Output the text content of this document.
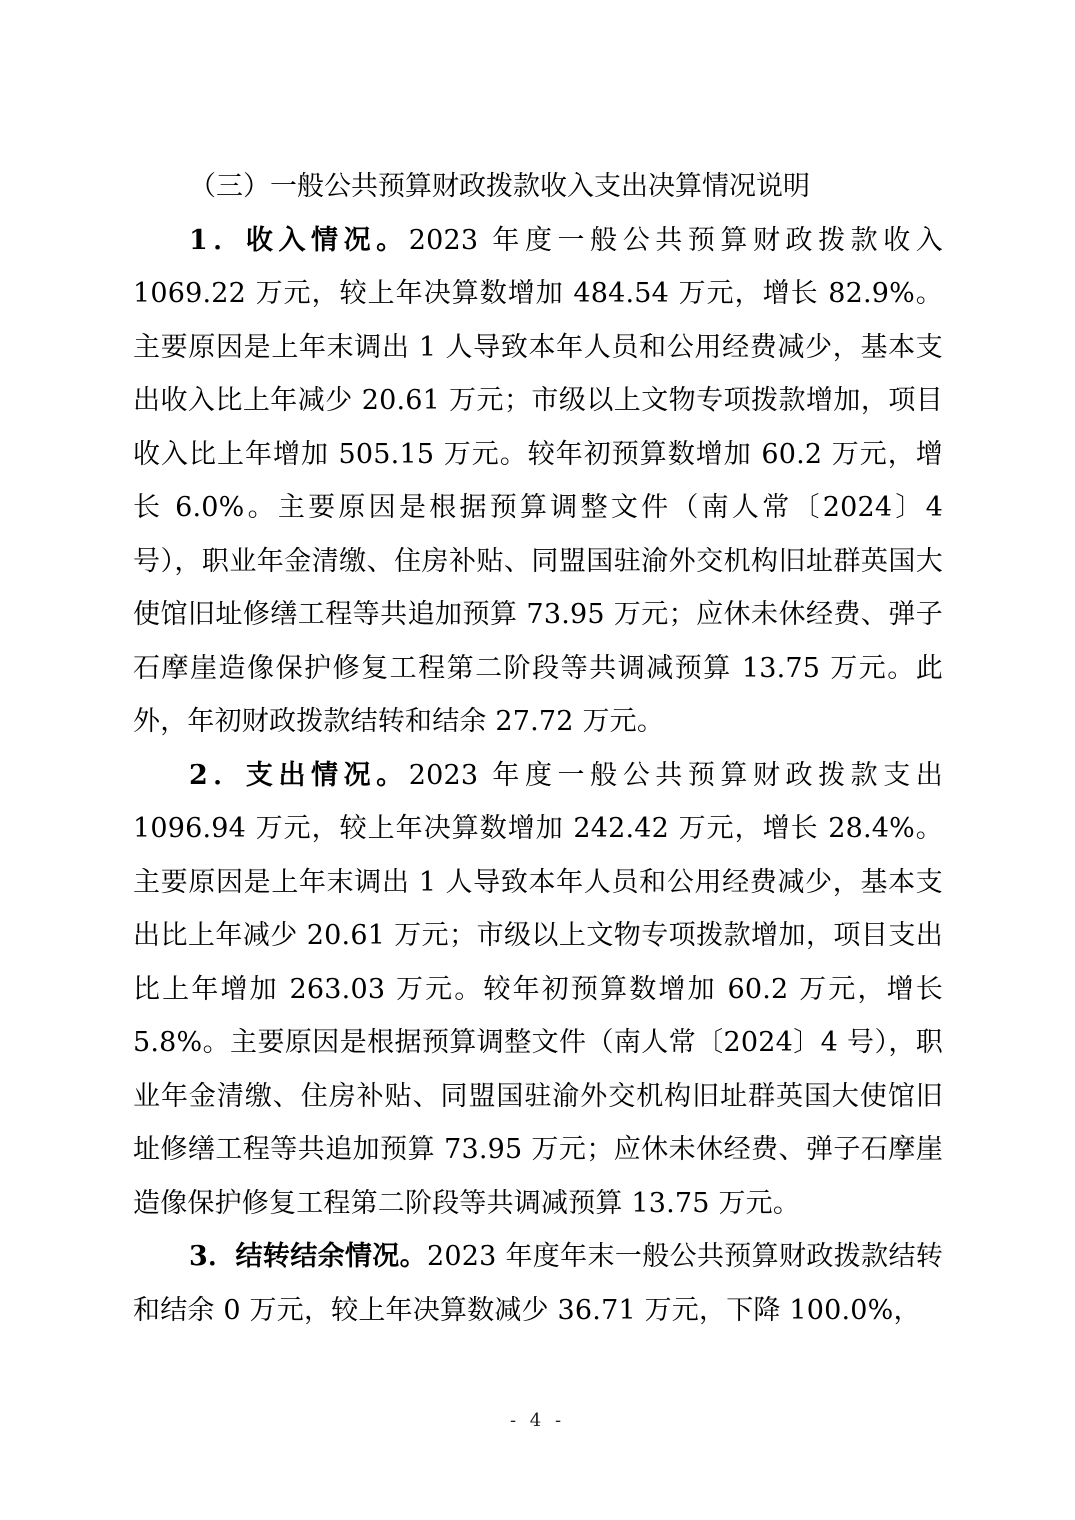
（三）一般公共预算财政拨款收入支出决算情况说明

1．收入情况。2023 年度一般公共预算财政拨款收入 1069.22 万元，较上年决算数增加 484.54 万元，增长 82.9%。主要原因是上年末调出 1 人导致本年人员和公用经费减少，基本支出收入比上年减少 20.61 万元；市级以上文物专项拨款增加，项目收入比上年增加 505.15 万元。较年初预算数增加 60.2 万元，增长 6.0%。主要原因是根据预算调整文件（南人常〔2024〕4 号），职业年金清缴、住房补贴、同盟国驻渝外交机构旧址群英国大使馆旧址修缮工程等共追加预算 73.95 万元；应休未休经费、弹子石摩崖造像保护修复工程第二阶段等共调减预算 13.75 万元。此外，年初财政拨款结转和结余 27.72 万元。

2．支出情况。2023 年度一般公共预算财政拨款支出 1096.94 万元，较上年决算数增加 242.42 万元，增长 28.4%。主要原因是上年末调出 1 人导致本年人员和公用经费减少，基本支出比上年减少 20.61 万元；市级以上文物专项拨款增加，项目支出比上年增加 263.03 万元。较年初预算数增加 60.2 万元，增长 5.8%。主要原因是根据预算调整文件（南人常〔2024〕4 号），职业年金清缴、住房补贴、同盟国驻渝外交机构旧址群英国大使馆旧址修缮工程等共追加预算 73.95 万元；应休未休经费、弹子石摩崖造像保护修复工程第二阶段等共调减预算 13.75 万元。

3．结转结余情况。2023 年度年末一般公共预算财政拨款结转和结余 0 万元，较上年决算数减少 36.71 万元，下降 100.0%，

- 4 -
